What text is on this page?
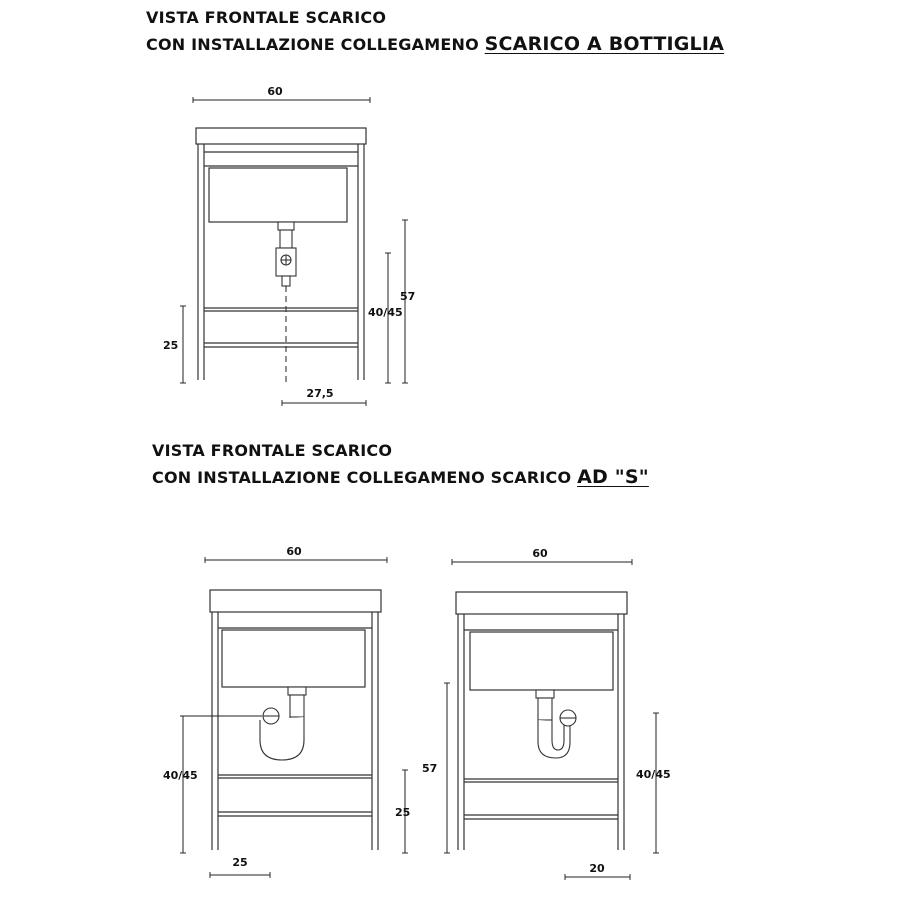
VISTA FRONTALE SCARICO
CON INSTALLAZIONE COLLEGAMENO SCARICO A BOTTIGLIA
VISTA FRONTALE SCARICO
CON INSTALLAZIONE COLLEGAMENO SCARICO AD "S"
60
57
40/45
25
27,5
60
40/45
25
25
60
57	40/45
20
